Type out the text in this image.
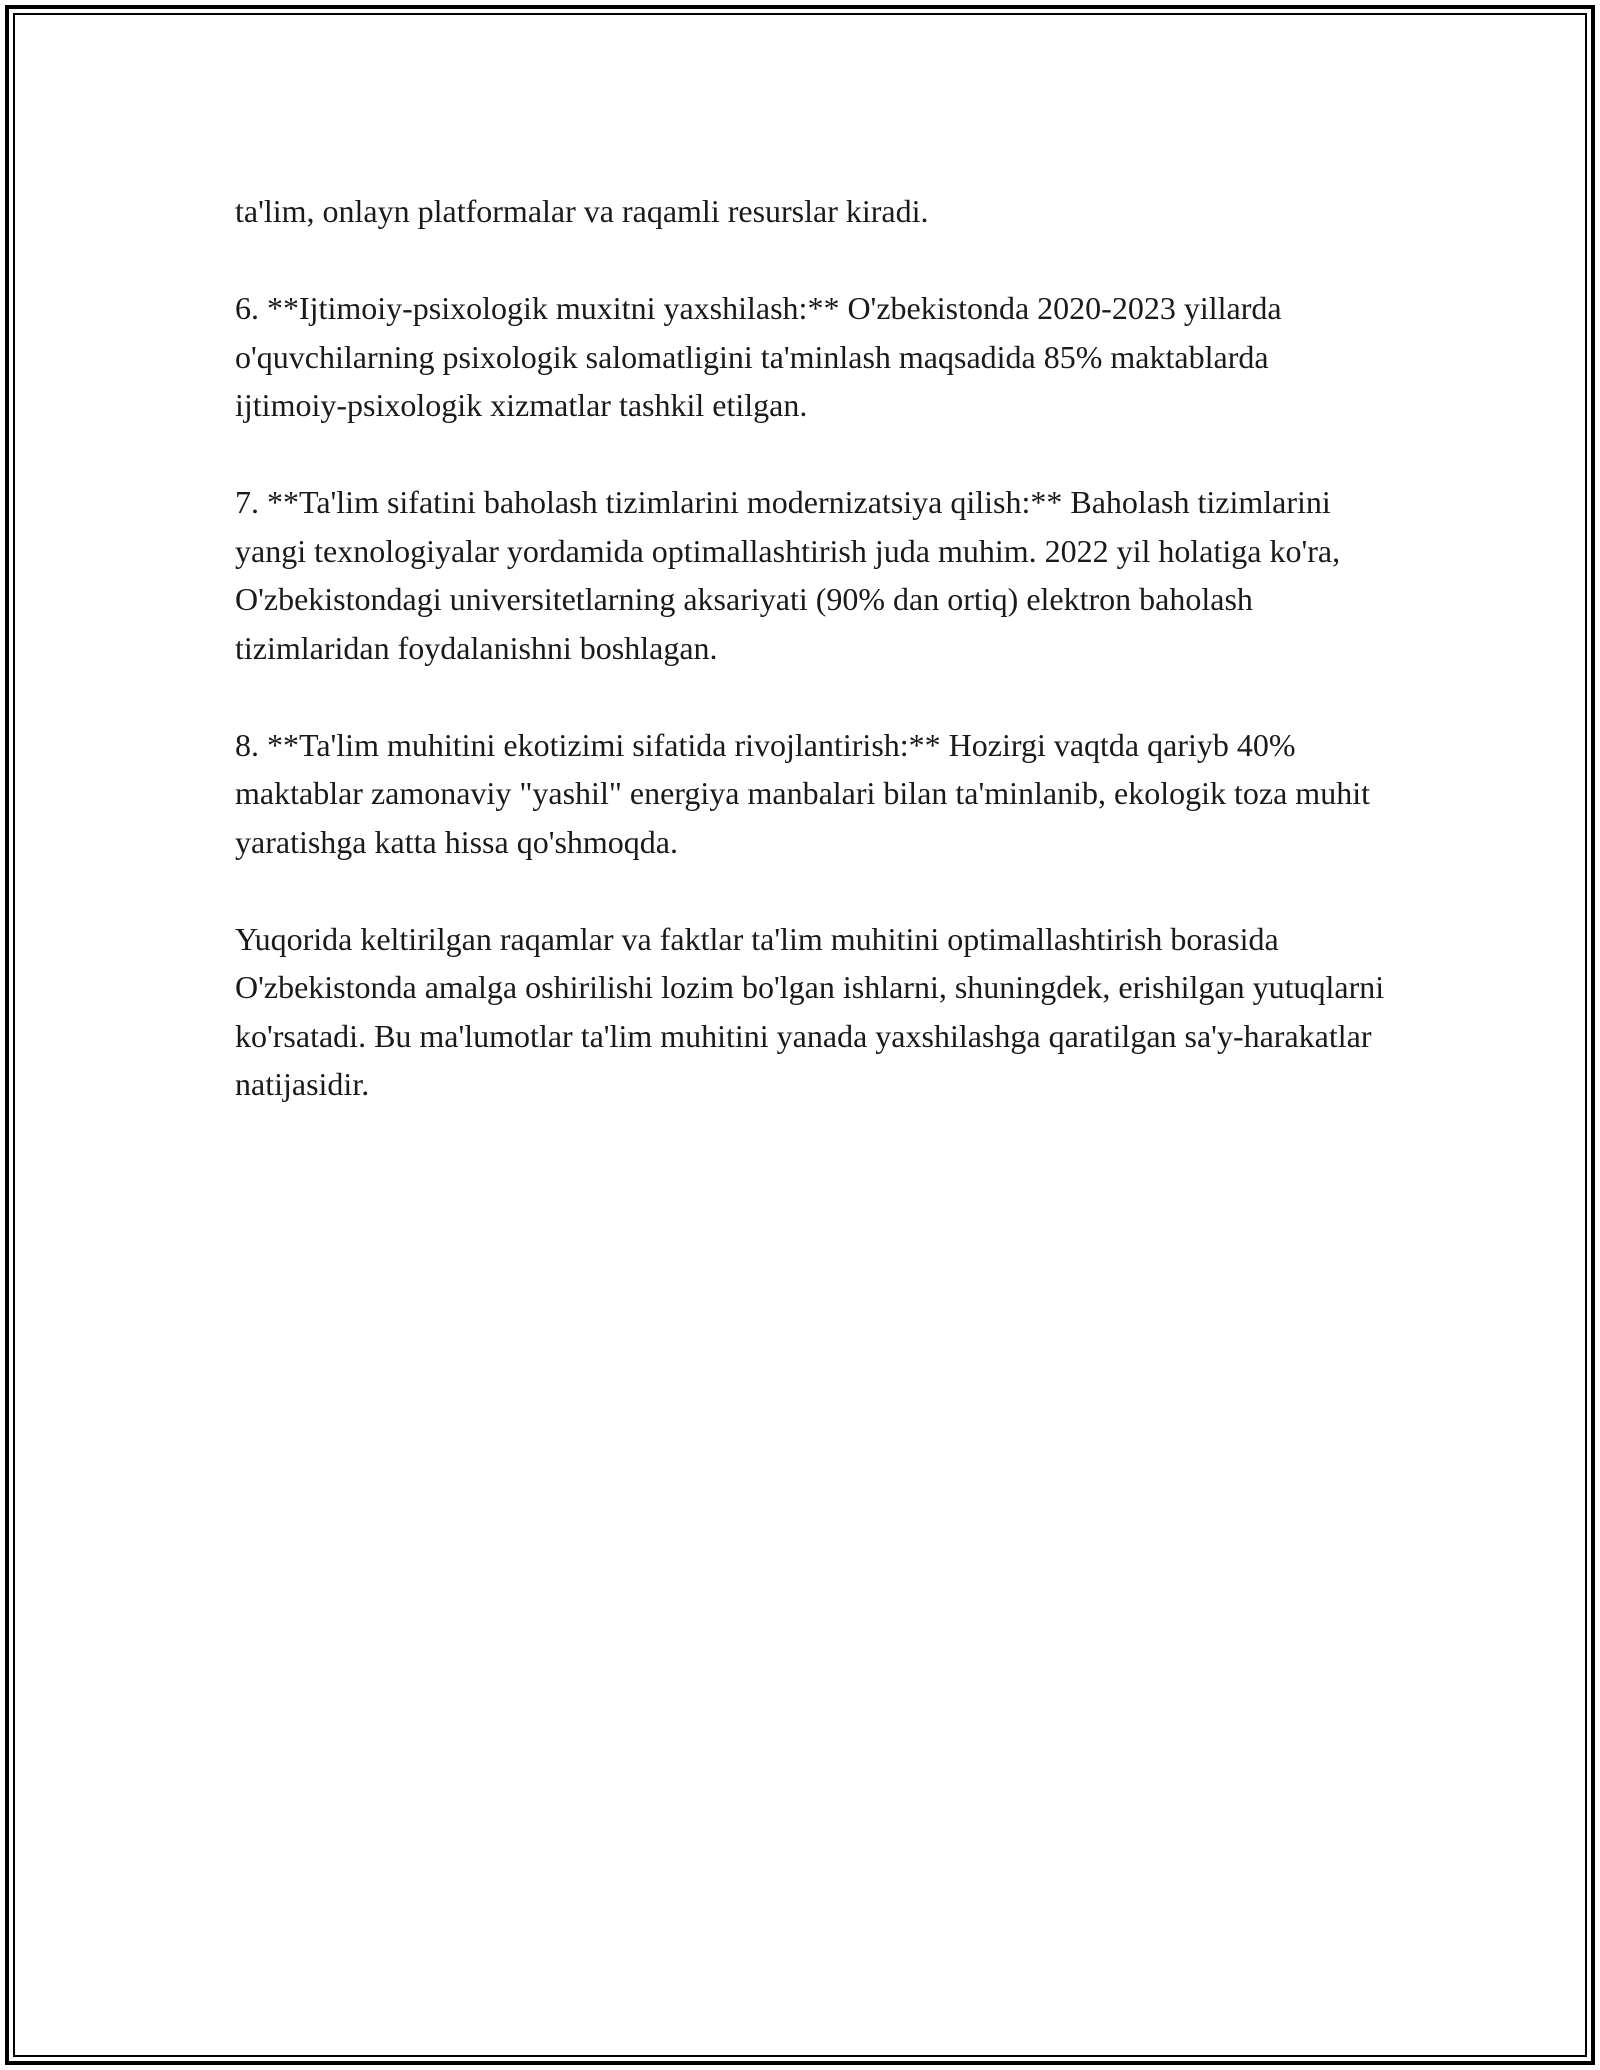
ta'lim, onlayn platformalar va raqamli resurslar kiradi.

6. **Ijtimoiy-psixologik muxitni yaxshilash:** O'zbekistonda 2020-2023 yillarda o'quvchilarning psixologik salomatligini ta'minlash maqsadida 85% maktablarda ijtimoiy-psixologik xizmatlar tashkil etilgan.

7. **Ta'lim sifatini baholash tizimlarini modernizatsiya qilish:** Baholash tizimlarini yangi texnologiyalar yordamida optimallashtirish juda muhim. 2022 yil holatiga ko'ra, O'zbekistondagi universitetlarning aksariyati (90% dan ortiq) elektron baholash tizimlaridan foydalanishni boshlagan.

8. **Ta'lim muhitini ekotizimi sifatida rivojlantirish:** Hozirgi vaqtda qariyb 40% maktablar zamonaviy "yashil" energiya manbalari bilan ta'minlanib, ekologik toza muhit yaratishga katta hissa qo'shmoqda.

Yuqorida keltirilgan raqamlar va faktlar ta'lim muhitini optimallashtirish borasida O'zbekistonda amalga oshirilishi lozim bo'lgan ishlarni, shuningdek, erishilgan yutuqlarni ko'rsatadi. Bu ma'lumotlar ta'lim muhitini yanada yaxshilashga qaratilgan sa'y-harakatlar natijasidir.
